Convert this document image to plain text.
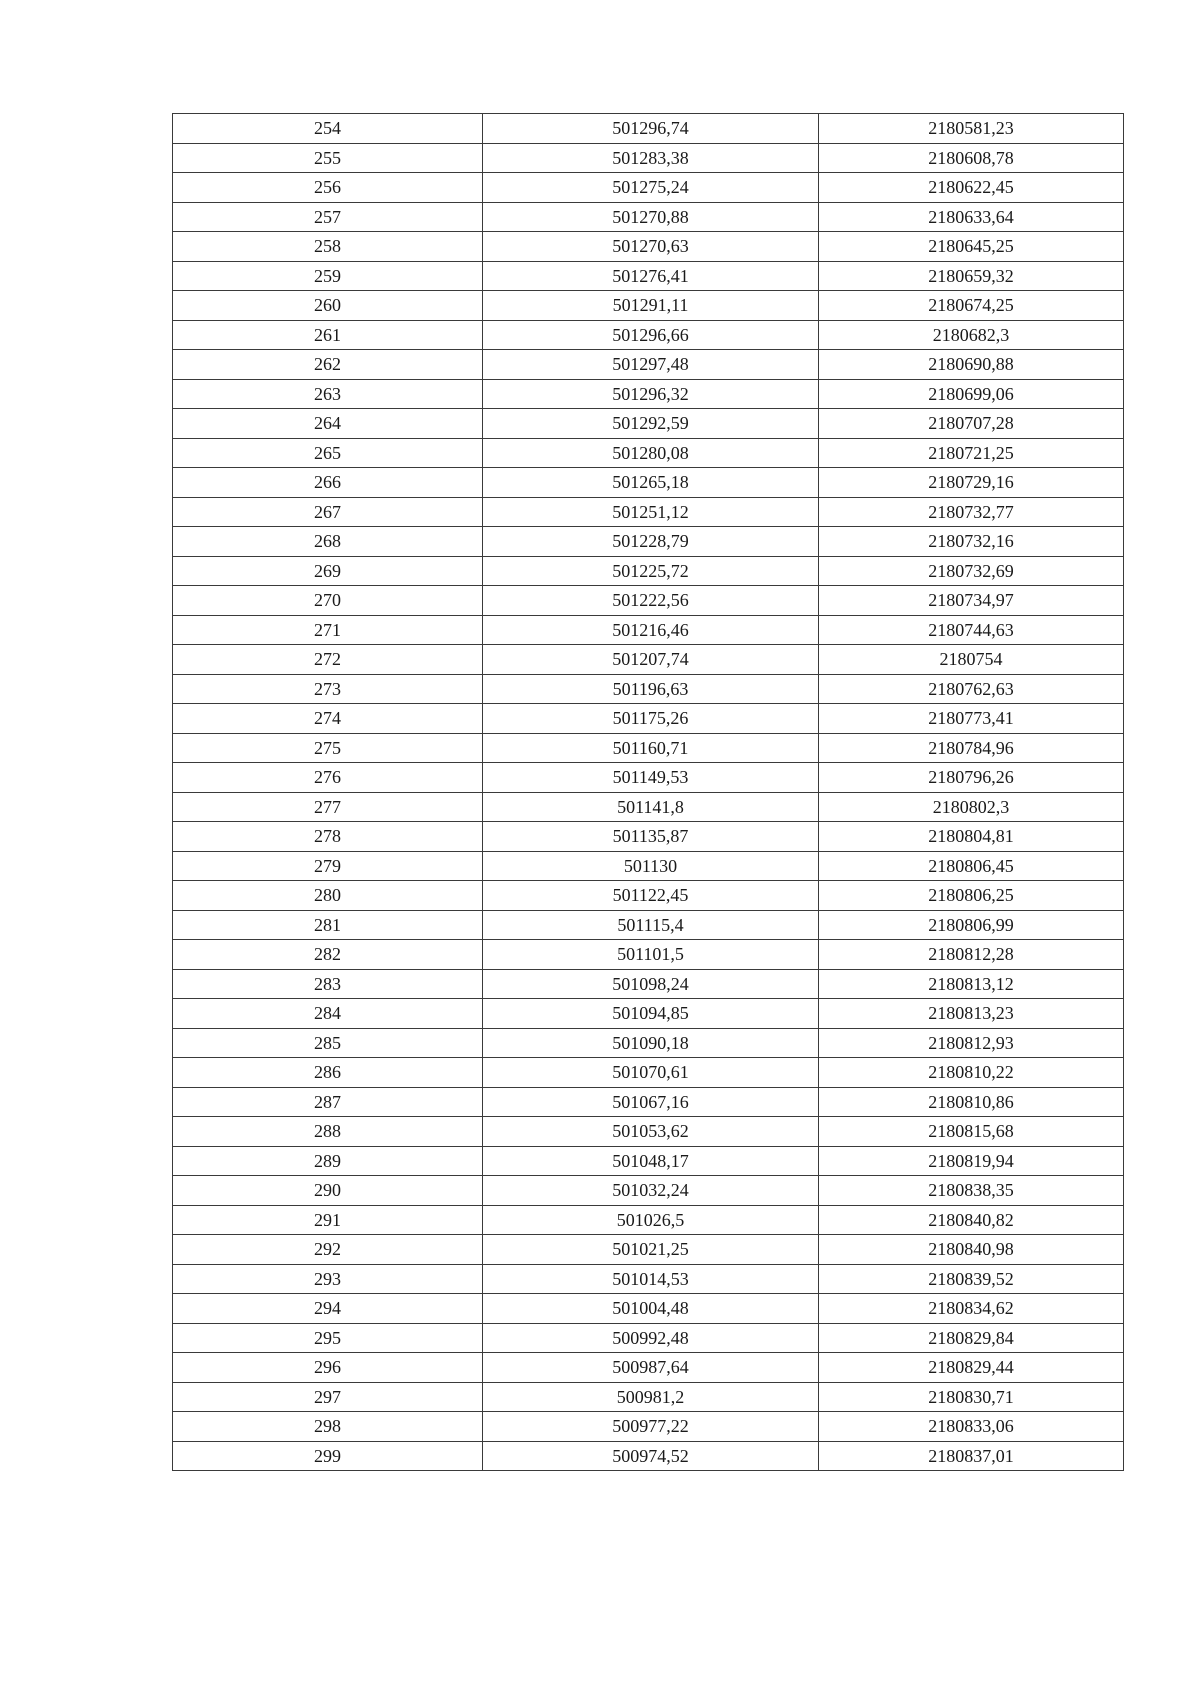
254	501296,74	2180581,23
255	501283,38	2180608,78
256	501275,24	2180622,45
257	501270,88	2180633,64
258	501270,63	2180645,25
259	501276,41	2180659,32
260	501291,11	2180674,25
261	501296,66	2180682,3
262	501297,48	2180690,88
263	501296,32	2180699,06
264	501292,59	2180707,28
265	501280,08	2180721,25
266	501265,18	2180729,16
267	501251,12	2180732,77
268	501228,79	2180732,16
269	501225,72	2180732,69
270	501222,56	2180734,97
271	501216,46	2180744,63
272	501207,74	2180754
273	501196,63	2180762,63
274	501175,26	2180773,41
275	501160,71	2180784,96
276	501149,53	2180796,26
277	501141,8	2180802,3
278	501135,87	2180804,81
279	501130	2180806,45
280	501122,45	2180806,25
281	501115,4	2180806,99
282	501101,5	2180812,28
283	501098,24	2180813,12
284	501094,85	2180813,23
285	501090,18	2180812,93
286	501070,61	2180810,22
287	501067,16	2180810,86
288	501053,62	2180815,68
289	501048,17	2180819,94
290	501032,24	2180838,35
291	501026,5	2180840,82
292	501021,25	2180840,98
293	501014,53	2180839,52
294	501004,48	2180834,62
295	500992,48	2180829,84
296	500987,64	2180829,44
297	500981,2	2180830,71
298	500977,22	2180833,06
299	500974,52	2180837,01
